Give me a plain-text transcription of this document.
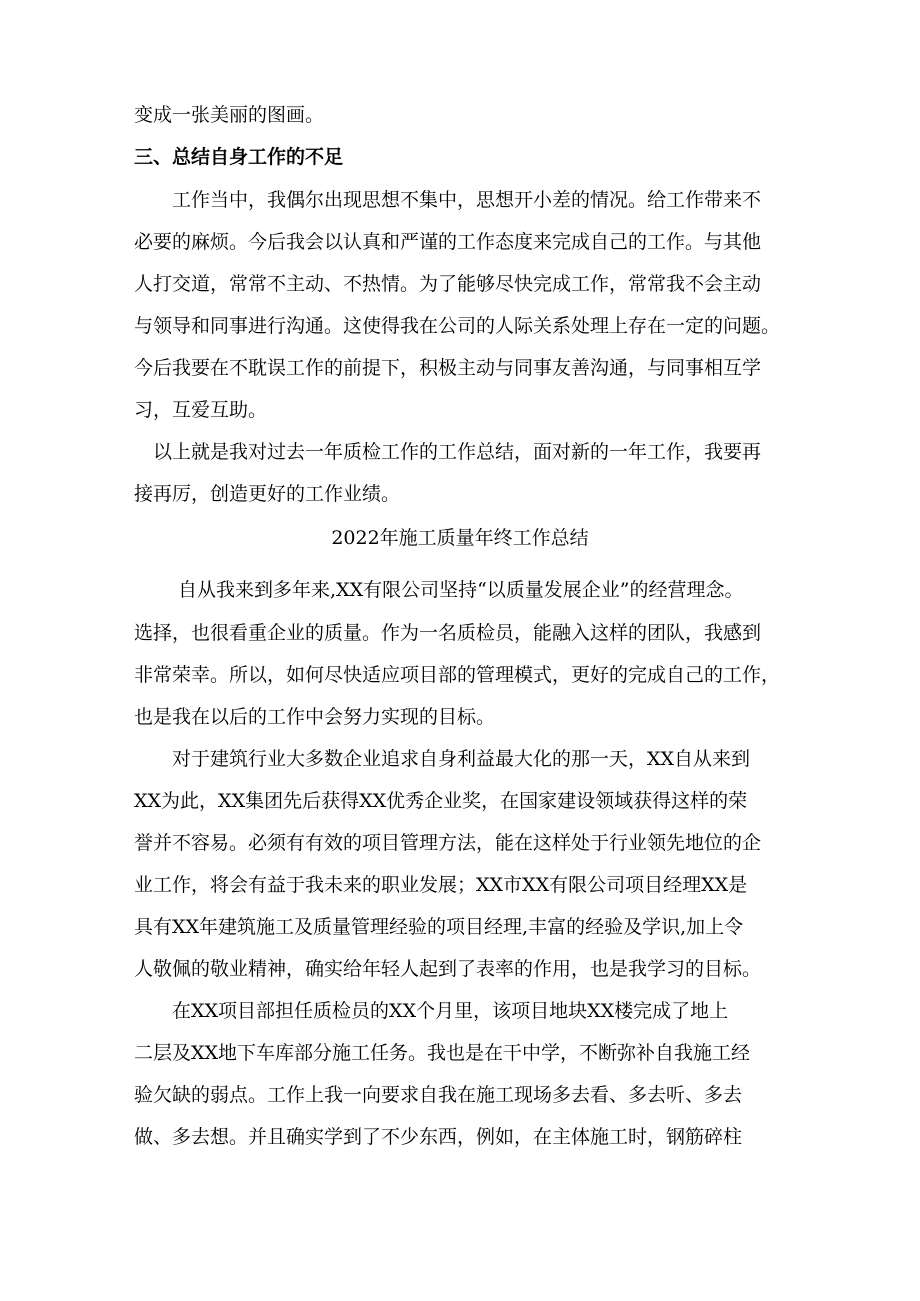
变成一张美丽的图画。
三、总结自身工作的不足
工作当中，我偶尔出现思想不集中，思想开小差的情况。给工作带来不
必要的麻烦。今后我会以认真和严谨的工作态度来完成自己的工作。与其他
人打交道，常常不主动、不热情。为了能够尽快完成工作，常常我不会主动
与领导和同事进行沟通。这使得我在公司的人际关系处理上存在一定的问题。
今后我要在不耽误工作的前提下，积极主动与同事友善沟通，与同事相互学
习，互爱互助。
以上就是我对过去一年质检工作的工作总结，面对新的一年工作，我要再
接再厉，创造更好的工作业绩。
2022年施工质量年终工作总结
自从我来到多年来,XX有限公司坚持“以质量发展企业”的经营理念。
选择，也很看重企业的质量。作为一名质检员，能融入这样的团队，我感到
非常荣幸。所以，如何尽快适应项目部的管理模式，更好的完成自己的工作，
也是我在以后的工作中会努力实现的目标。
对于建筑行业大多数企业追求自身利益最大化的那一天，XX自从来到
XX为此，XX集团先后获得XX优秀企业奖，在国家建设领域获得这样的荣
誉并不容易。必须有有效的项目管理方法，能在这样处于行业领先地位的企
业工作，将会有益于我未来的职业发展；XX市XX有限公司项目经理XX是
具有XX年建筑施工及质量管理经验的项目经理,丰富的经验及学识,加上令
人敬佩的敬业精神，确实给年轻人起到了表率的作用，也是我学习的目标。
在XX项目部担任质检员的XX个月里，该项目地块XX楼完成了地上
二层及XX地下车库部分施工任务。我也是在干中学，不断弥补自我施工经
验欠缺的弱点。工作上我一向要求自我在施工现场多去看、多去听、多去
做、多去想。并且确实学到了不少东西，例如，在主体施工时，钢筋碎柱
